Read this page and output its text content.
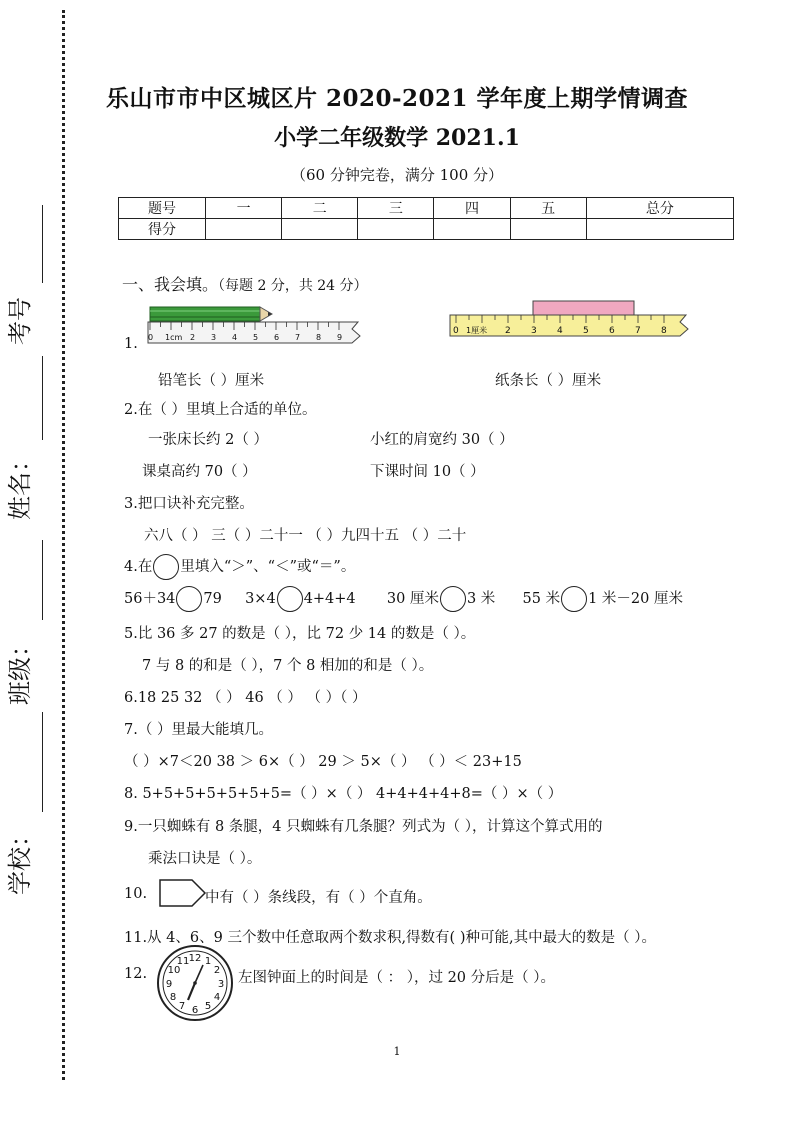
考号
姓名：
班级：
学校：
乐山市市中区城区片 2020-2021 学年度上期学情调查
小学二年级数学 2021.1
（60 分钟完卷，满分 100 分）
题号	一	二	三	四	五	总分
得分						
一、我会填。（每题 2 分，共 24 分）
0 1cm 2 3 4 5 6 7 8 9
1.
0 1厘米 2 3 4 5 6 7 8
铅笔长（ ）厘米	纸条长（ ）厘米
2.在（ ）里填上合适的单位。
一张床长约 2（ ）	小红的肩宽约 30（ ）
课桌高约 70（ ）	下课时间 10（ ）
3.把口诀补充完整。
六八（ ） 三（ ）二十一 （ ）九四十五 （ ）二十
4.在 里填入“＞”、“＜”或“＝”。
56＋34 79 3×4 4+4+4 30 厘米 3 米 55 米 1 米－20 厘米
5.比 36 多 27 的数是（ ），比 72 少 14 的数是（ ）。
7 与 8 的和是（ ），7 个 8 相加的和是（ ）。
6.18 25 32 （ ） 46 （ ） （ ）（ ）
7.（ ）里最大能填几。
（ ）×7＜20 38 ＞ 6×（ ） 29 ＞ 5×（ ） （ ）＜ 23+15
8. 5+5+5+5+5+5+5=（ ）×（ ） 4+4+4+4+8=（ ）×（ ）
9.一只蜘蛛有 8 条腿，4 只蜘蛛有几条腿？列式为（ ），计算这个算式用的
乘法口诀是（ ）。
10.	中有（ ）条线段，有（ ）个直角。
11.从 4、6、9 三个数中任意取两个数求积,得数有( )种可能,其中最大的数是（ ）。
12.
12 1
2
3
4
5
6
7
8
9
10
11
左图钟面上的时间是（ ： ），过 20 分后是（ ）。
1
